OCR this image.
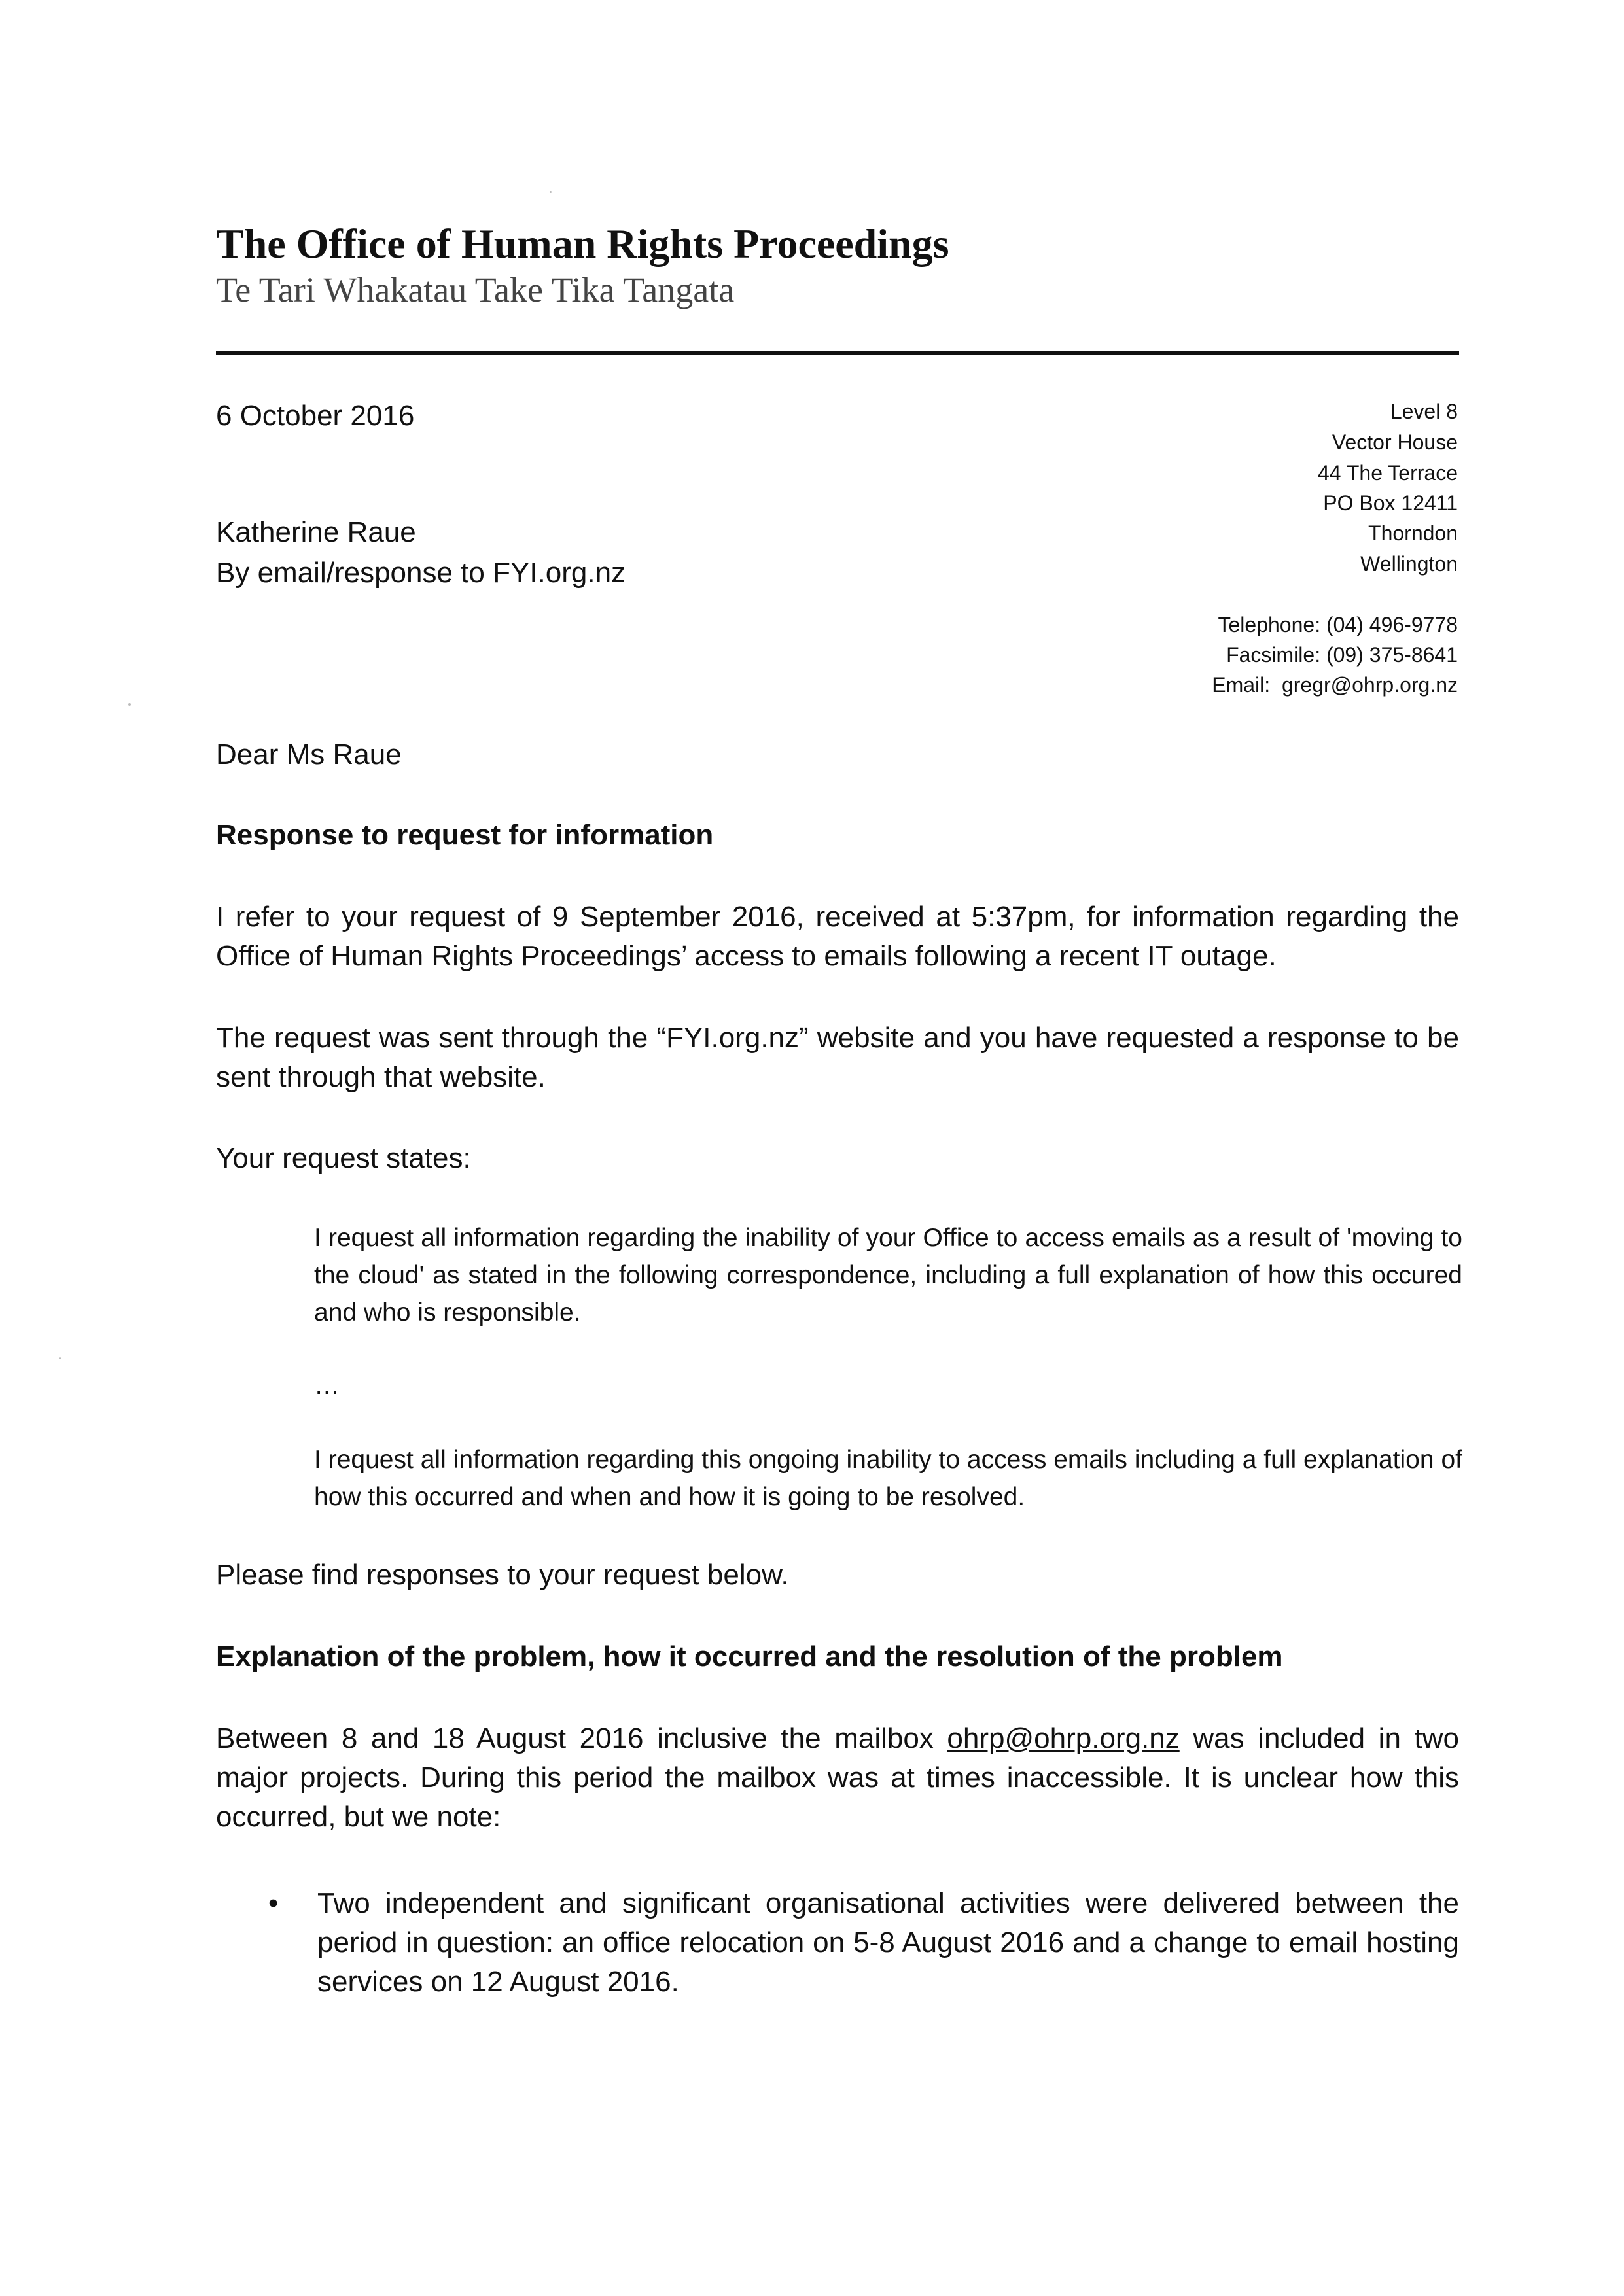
The Office of Human Rights Proceedings
Te Tari Whakatau Take Tika Tangata
6 October 2016
Katherine Raue
By email/response to FYI.org.nz
Level 8
Vector House
44 The Terrace
PO Box 12411
Thorndon
Wellington
Telephone: (04) 496-9778
Facsimile: (09) 375-8641
Email: gregr@ohrp.org.nz
Dear Ms Raue
Response to request for information
I refer to your request of 9 September 2016, received at 5:37pm, for information regarding the Office of Human Rights Proceedings’ access to emails following a recent IT outage.
The request was sent through the “FYI.org.nz” website and you have requested a response to be sent through that website.
Your request states:
I request all information regarding the inability of your Office to access emails as a result of 'moving to the cloud' as stated in the following correspondence, including a full explanation of how this occured and who is responsible.
…
I request all information regarding this ongoing inability to access emails including a full explanation of how this occurred and when and how it is going to be resolved.
Please find responses to your request below.
Explanation of the problem, how it occurred and the resolution of the problem
Between 8 and 18 August 2016 inclusive the mailbox ohrp@ohrp.org.nz was included in two major projects. During this period the mailbox was at times inaccessible. It is unclear how this occurred, but we note:
• Two independent and significant organisational activities were delivered between the period in question: an office relocation on 5-8 August 2016 and a change to email hosting services on 12 August 2016.
